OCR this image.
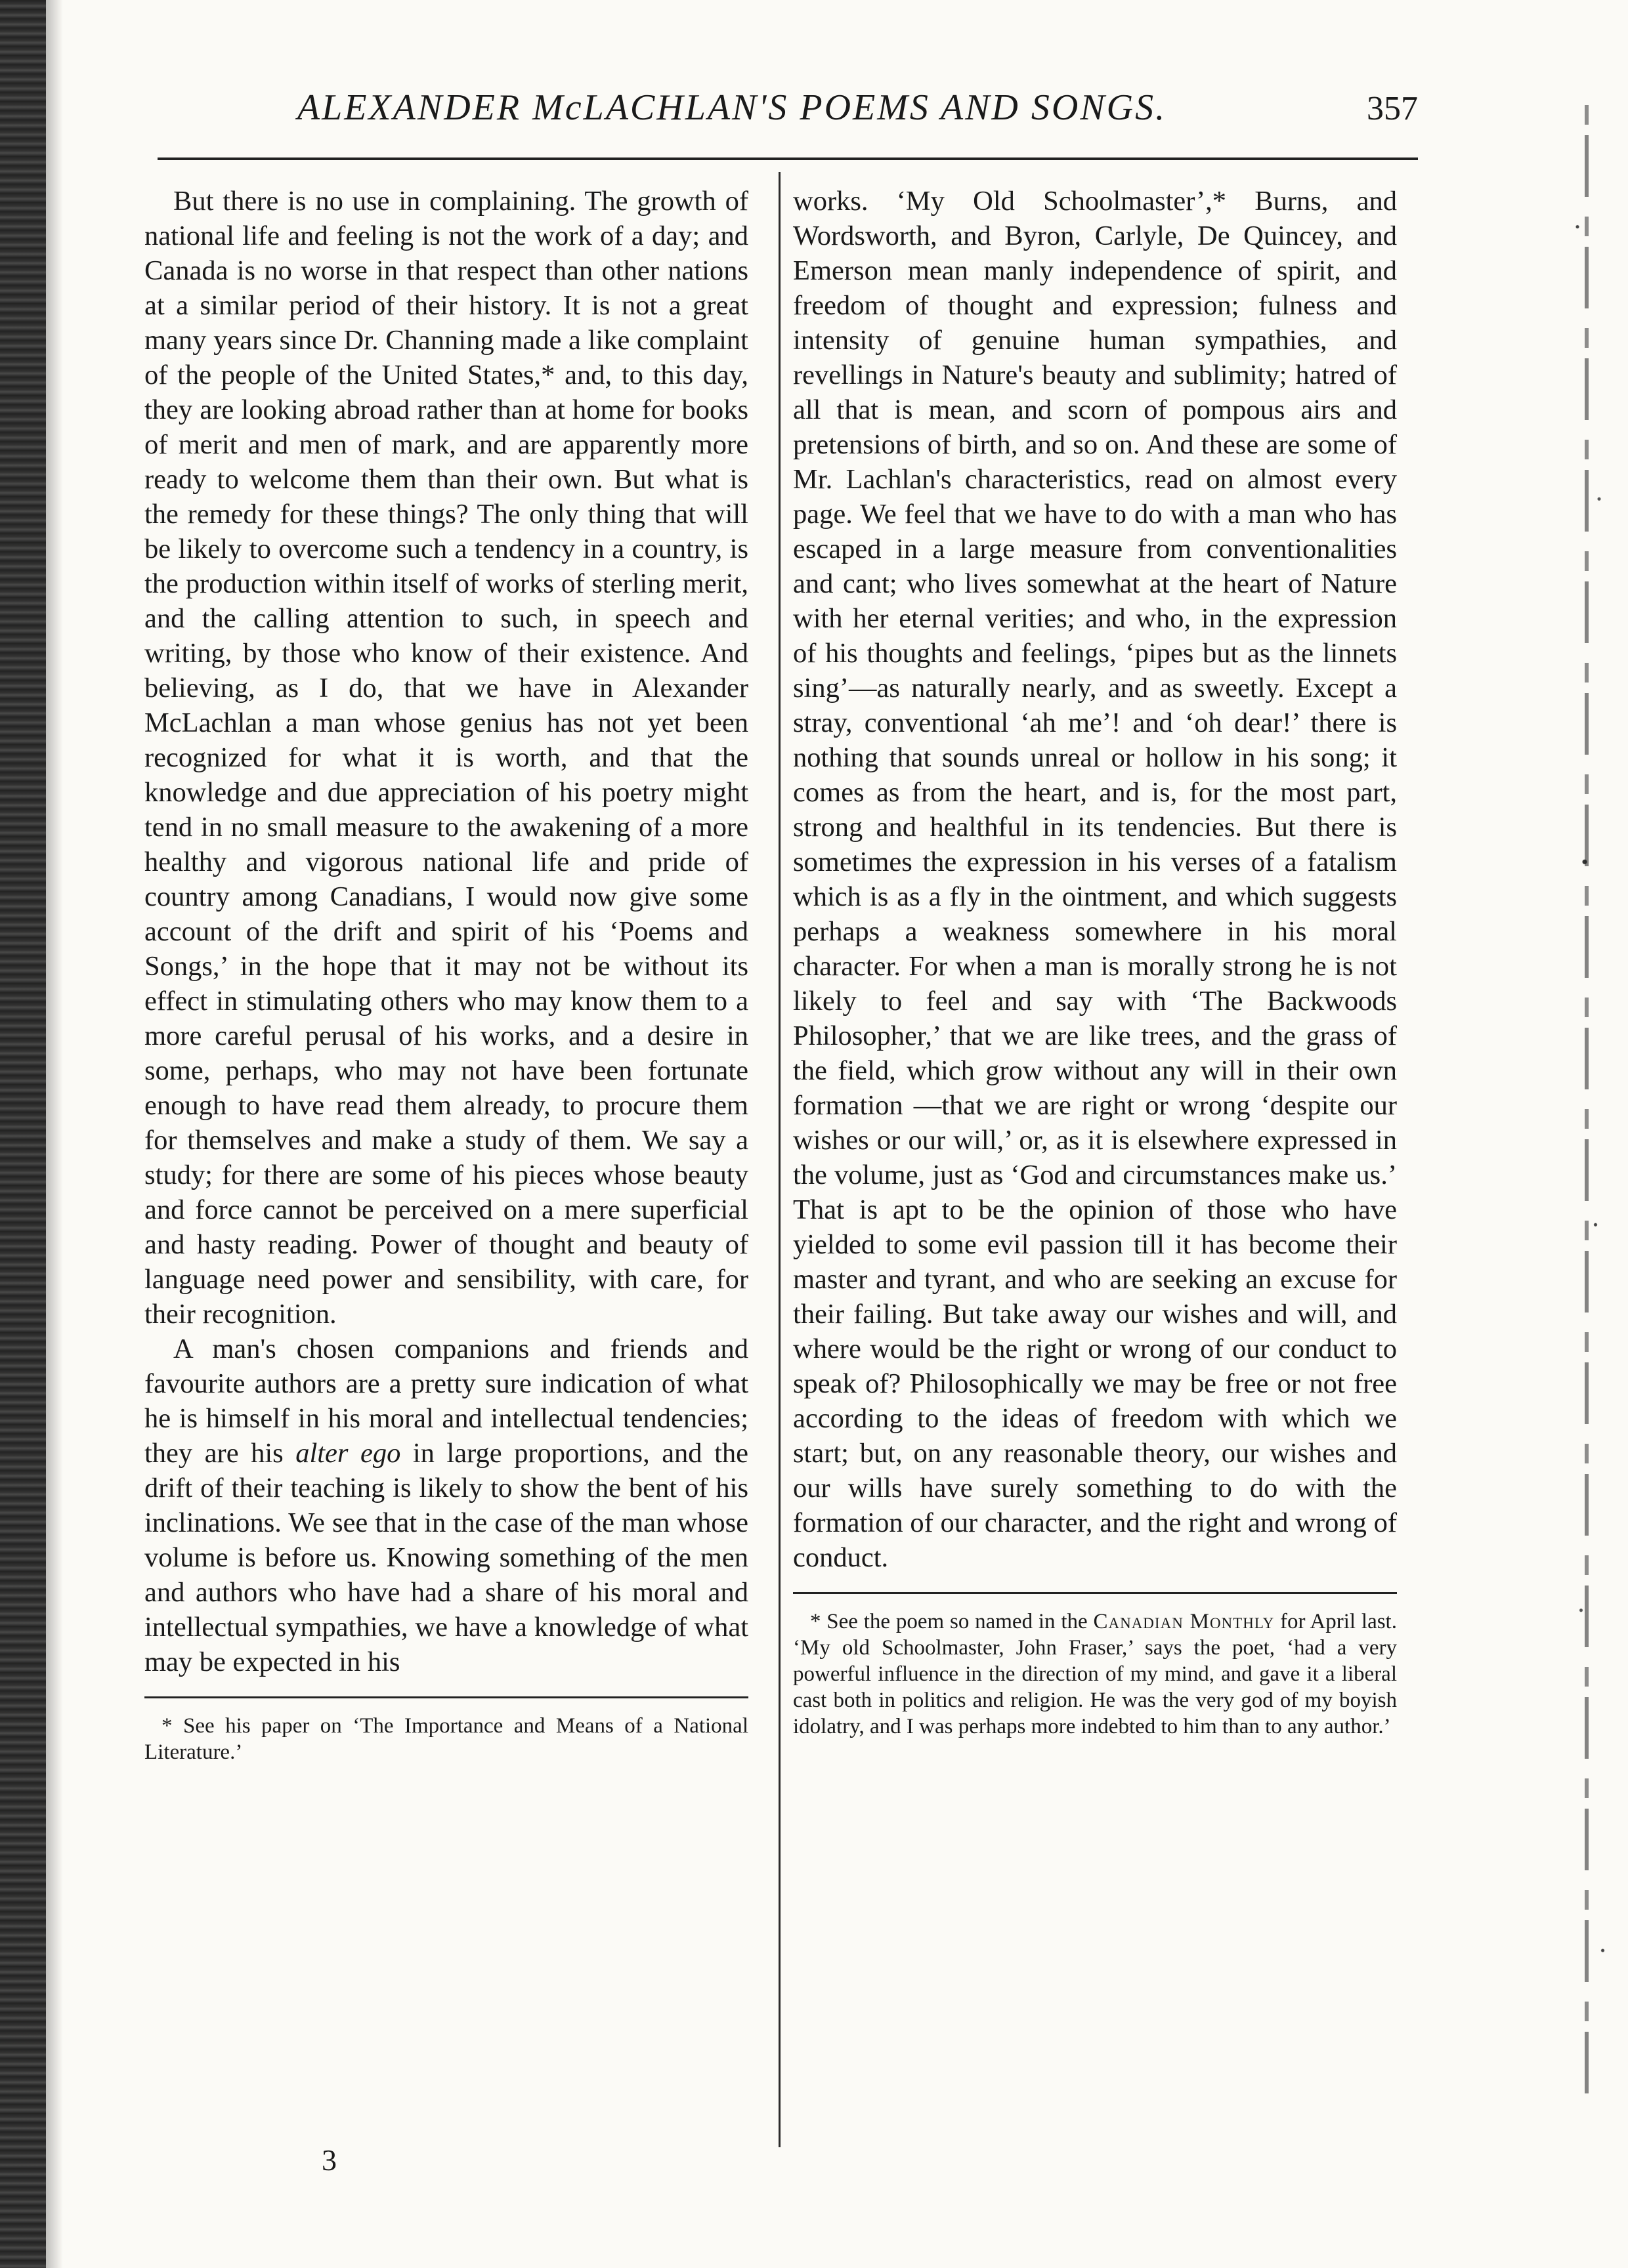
ALEXANDER McLACHLAN'S POEMS AND SONGS.	357

But there is no use in complaining. The growth of national life and feeling is not the work of a day; and Canada is no worse in that respect than other nations at a similar period of their history. It is not a great many years since Dr. Channing made a like complaint of the people of the United States,* and, to this day, they are looking abroad rather than at home for books of merit and men of mark, and are apparently more ready to welcome them than their own. But what is the remedy for these things? The only thing that will be likely to overcome such a tendency in a country, is the production within itself of works of sterling merit, and the calling attention to such, in speech and writing, by those who know of their existence. And believing, as I do, that we have in Alexander McLachlan a man whose genius has not yet been recognized for what it is worth, and that the knowledge and due appreciation of his poetry might tend in no small measure to the awakening of a more healthy and vigorous national life and pride of country among Canadians, I would now give some account of the drift and spirit of his ‘Poems and Songs,’ in the hope that it may not be without its effect in stimulating others who may know them to a more careful perusal of his works, and a desire in some, perhaps, who may not have been fortunate enough to have read them already, to procure them for themselves and make a study of them. We say a study; for there are some of his pieces whose beauty and force cannot be perceived on a mere superficial and hasty reading. Power of thought and beauty of language need power and sensibility, with care, for their recognition.

A man's chosen companions and friends and favourite authors are a pretty sure indication of what he is himself in his moral and intellectual tendencies; they are his alter ego in large proportions, and the drift of their teaching is likely to show the bent of his inclinations. We see that in the case of the man whose volume is before us. Knowing something of the men and authors who have had a share of his moral and intellectual sympathies, we have a knowledge of what may be expected in his

* See his paper on ‘The Importance and Means of a National Literature.’

works. ‘My Old Schoolmaster’,* Burns, and Wordsworth, and Byron, Carlyle, De Quincey, and Emerson mean manly independence of spirit, and freedom of thought and expression; fulness and intensity of genuine human sympathies, and revellings in Nature's beauty and sublimity; hatred of all that is mean, and scorn of pompous airs and pretensions of birth, and so on. And these are some of Mr. Lachlan's characteristics, read on almost every page. We feel that we have to do with a man who has escaped in a large measure from conventionalities and cant; who lives somewhat at the heart of Nature with her eternal verities; and who, in the expression of his thoughts and feelings, ‘pipes but as the linnets sing’—as naturally nearly, and as sweetly. Except a stray, conventional ‘ah me’! and ‘oh dear!’ there is nothing that sounds unreal or hollow in his song; it comes as from the heart, and is, for the most part, strong and healthful in its tendencies. But there is sometimes the expression in his verses of a fatalism which is as a fly in the ointment, and which suggests perhaps a weakness somewhere in his moral character. For when a man is morally strong he is not likely to feel and say with ‘The Backwoods Philosopher,’ that we are like trees, and the grass of the field, which grow without any will in their own formation —that we are right or wrong ‘despite our wishes or our will,’ or, as it is elsewhere expressed in the volume, just as ‘God and circumstances make us.’ That is apt to be the opinion of those who have yielded to some evil passion till it has become their master and tyrant, and who are seeking an excuse for their failing. But take away our wishes and will, and where would be the right or wrong of our conduct to speak of? Philosophically we may be free or not free according to the ideas of freedom with which we start; but, on any reasonable theory, our wishes and our wills have surely something to do with the formation of our character, and the right and wrong of conduct.

* See the poem so named in the Canadian Monthly for April last. ‘My old Schoolmaster, John Fraser,’ says the poet, ‘had a very powerful influence in the direction of my mind, and gave it a liberal cast both in politics and religion. He was the very god of my boyish idolatry, and I was perhaps more indebted to him than to any author.’

3
